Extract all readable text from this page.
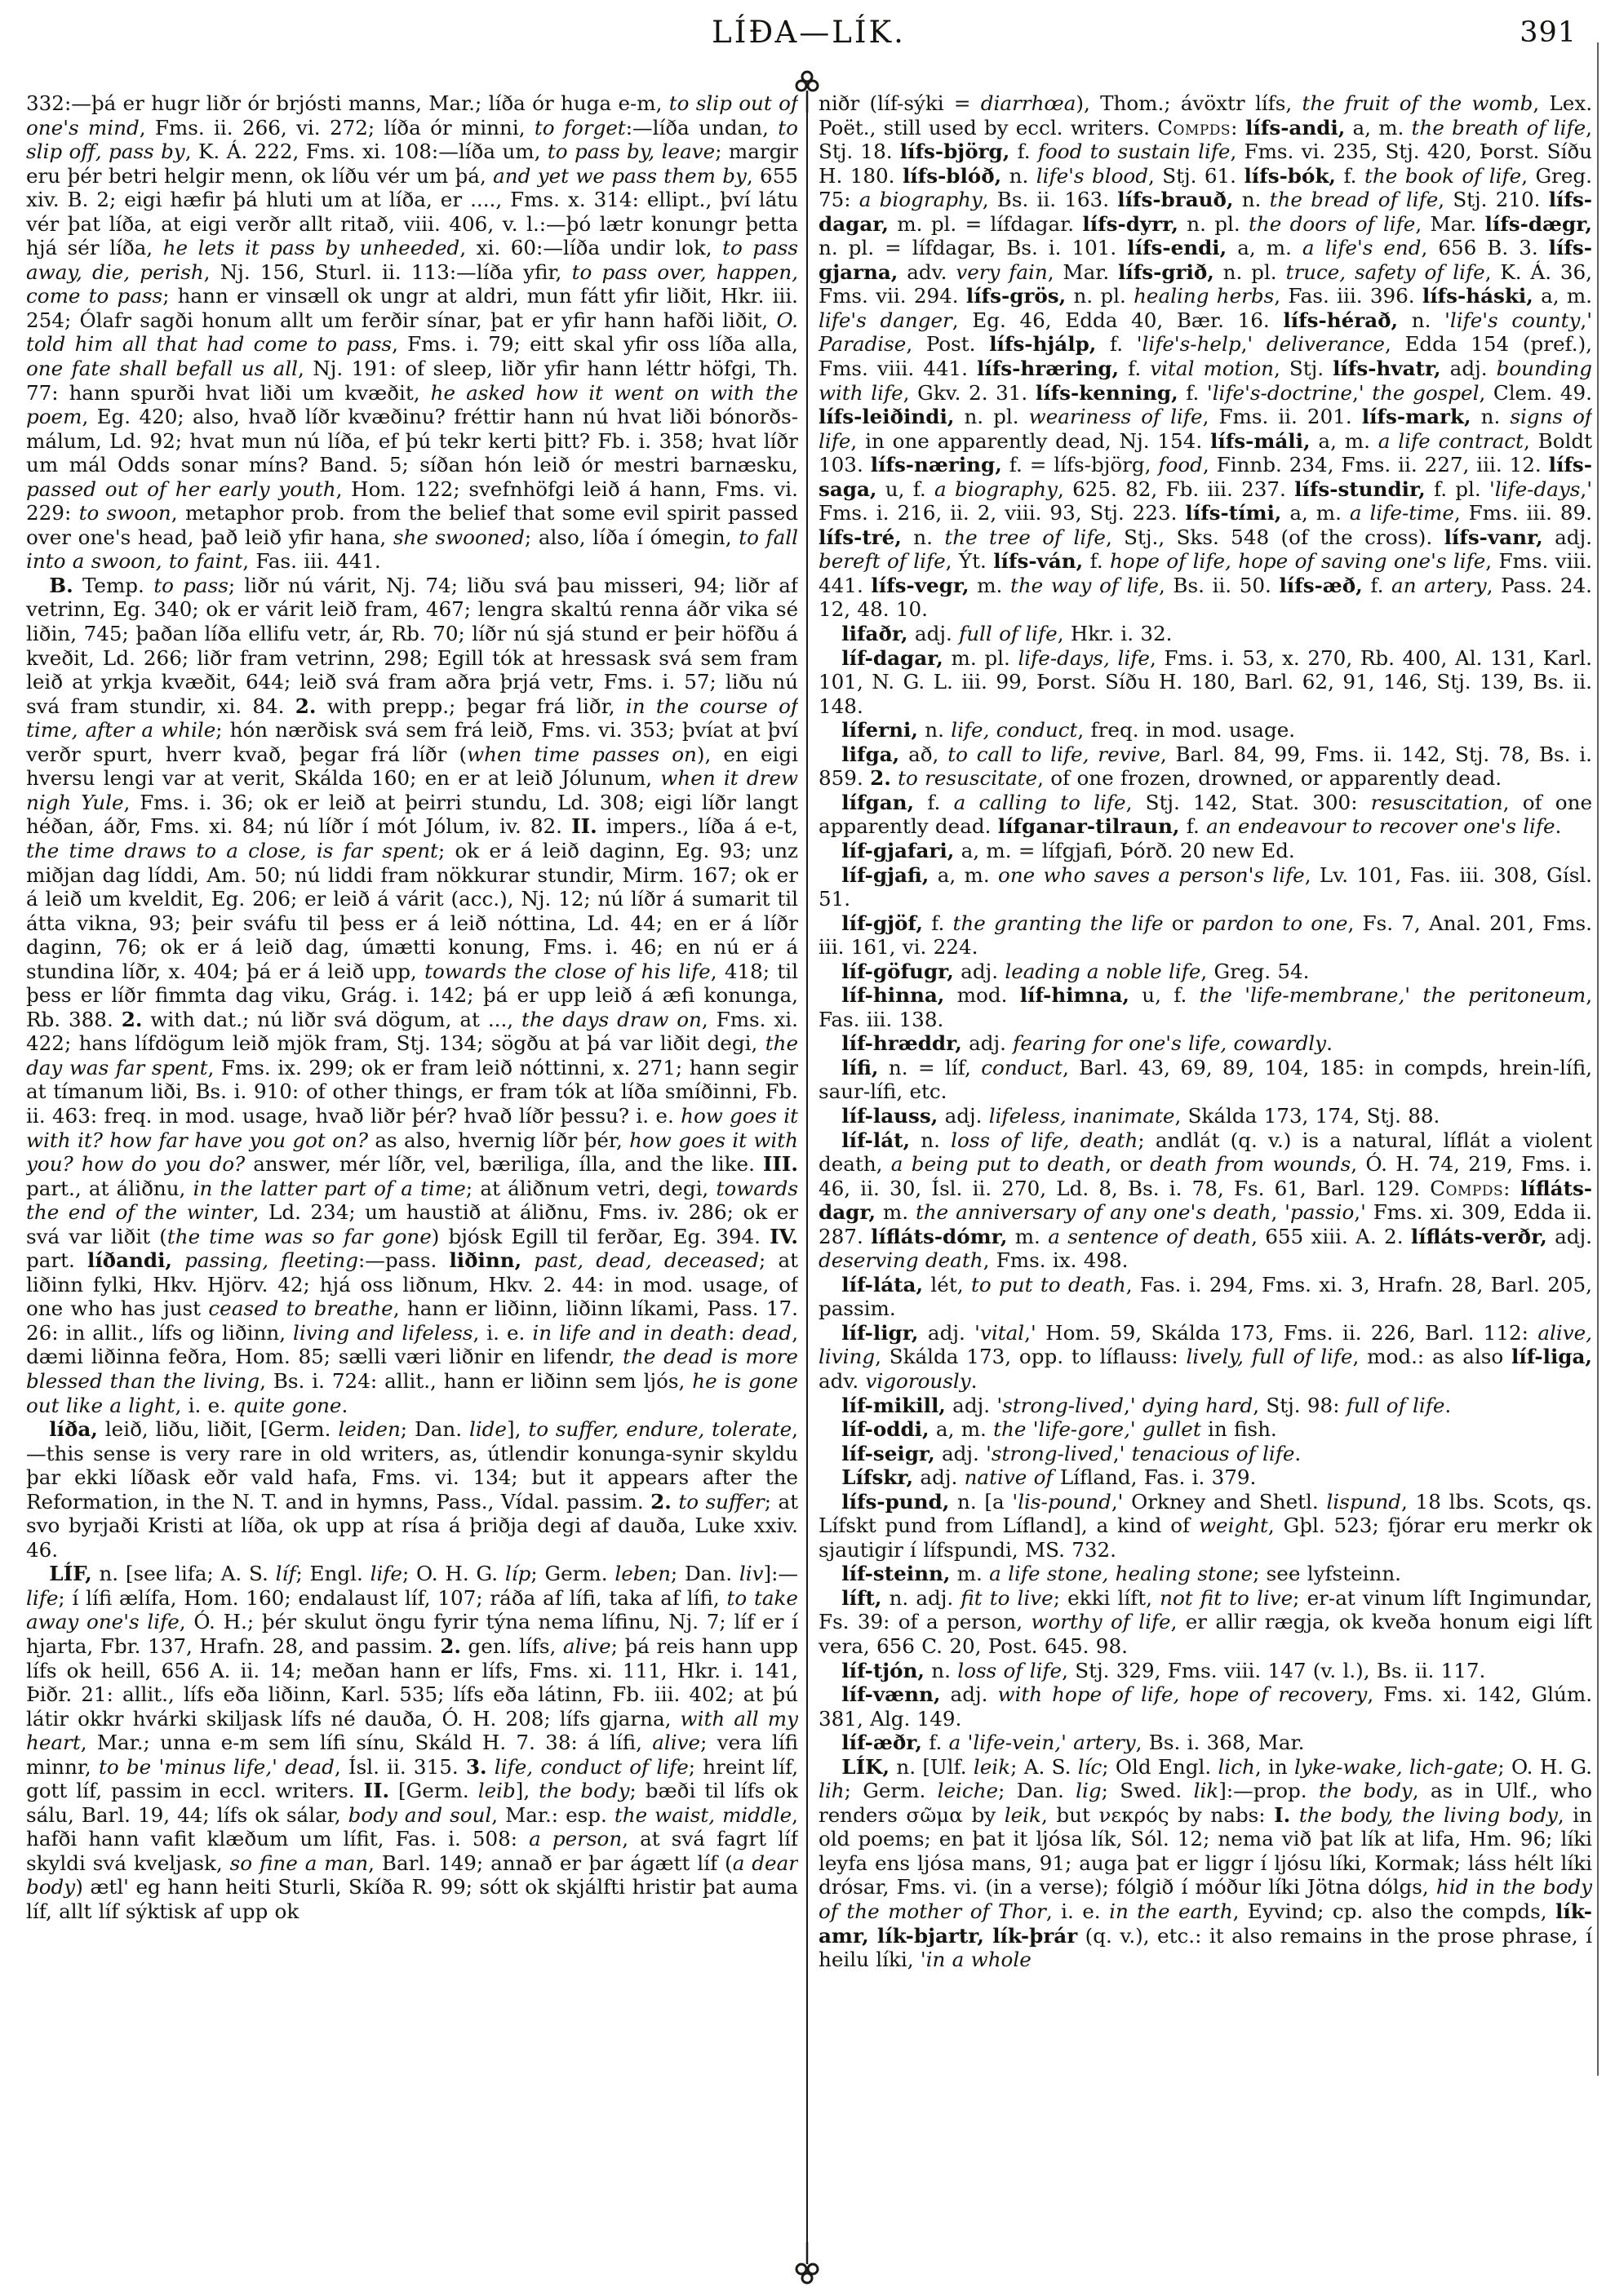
LÍÐA—LÍK.	391

332:—þá er hugr liðr ór brjósti manns, Mar.; líða ór huga e-m, to slip out of one's mind, Fms. ii. 266, vi. 272; líða ór minni, to forget:—líða undan, to slip off, pass by, K. Á. 222, Fms. xi. 108:—líða um, to pass by, leave; margir eru þér betri helgir menn, ok líðu vér um þá, and yet we pass them by, 655 xiv. B. 2; eigi hæfir þá hluti um at líða, er ...., Fms. x. 314: ellipt., því látu vér þat líða, at eigi verðr allt ritað, viii. 406, v. l.:—þó lætr konungr þetta hjá sér líða, he lets it pass by unheeded, xi. 60:—líða undir lok, to pass away, die, perish, Nj. 156, Sturl. ii. 113:—líða yfir, to pass over, happen, come to pass; hann er vinsæll ok ungr at aldri, mun fátt yfir liðit, Hkr. iii. 254; Ólafr sagði honum allt um ferðir sínar, þat er yfir hann hafði liðit, O. told him all that had come to pass, Fms. i. 79; eitt skal yfir oss líða alla, one fate shall befall us all, Nj. 191: of sleep, liðr yfir hann léttr höfgi, Th. 77: hann spurði hvat liði um kvæðit, he asked how it went on with the poem, Eg. 420; also, hvað líðr kvæðinu? fréttir hann nú hvat liði bónorðs-málum, Ld. 92; hvat mun nú líða, ef þú tekr kerti þitt? Fb. i. 358; hvat líðr um mál Odds sonar míns? Band. 5; síðan hón leið ór mestri barnæsku, passed out of her early youth, Hom. 122; svefnhöfgi leið á hann, Fms. vi. 229: to swoon, metaphor prob. from the belief that some evil spirit passed over one's head, það leið yfir hana, she swooned; also, líða í ómegin, to fall into a swoon, to faint, Fas. iii. 441.

B. Temp. to pass; liðr nú várit, Nj. 74; liðu svá þau misseri, 94; liðr af vetrinn, Eg. 340; ok er várit leið fram, 467; lengra skaltú renna áðr vika sé liðin, 745; þaðan líða ellifu vetr, ár, Rb. 70; líðr nú sjá stund er þeir höfðu á kveðit, Ld. 266; liðr fram vetrinn, 298; Egill tók at hressask svá sem fram leið at yrkja kvæðit, 644; leið svá fram aðra þrjá vetr, Fms. i. 57; liðu nú svá fram stundir, xi. 84. 2. with prepp.; þegar frá liðr, in the course of time, after a while; hón nærðisk svá sem frá leið, Fms. vi. 353; þvíat at því verðr spurt, hverr kvað, þegar frá líðr (when time passes on), en eigi hversu lengi var at verit, Skálda 160; en er at leið Jólunum, when it drew nigh Yule, Fms. i. 36; ok er leið at þeirri stundu, Ld. 308; eigi líðr langt héðan, áðr, Fms. xi. 84; nú líðr í mót Jólum, iv. 82. II. impers., líða á e-t, the time draws to a close, is far spent; ok er á leið daginn, Eg. 93; unz miðjan dag líddi, Am. 50; nú liddi fram nökkurar stundir, Mirm. 167; ok er á leið um kveldit, Eg. 206; er leið á várit (acc.), Nj. 12; nú líðr á sumarit til átta vikna, 93; þeir sváfu til þess er á leið nóttina, Ld. 44; en er á líðr daginn, 76; ok er á leið dag, úmætti konung, Fms. i. 46; en nú er á stundina líðr, x. 404; þá er á leið upp, towards the close of his life, 418; til þess er líðr fimmta dag viku, Grág. i. 142; þá er upp leið á æfi konunga, Rb. 388. 2. with dat.; nú liðr svá dögum, at ..., the days draw on, Fms. xi. 422; hans lífdögum leið mjök fram, Stj. 134; sögðu at þá var liðit degi, the day was far spent, Fms. ix. 299; ok er fram leið nóttinni, x. 271; hann segir at tímanum liði, Bs. i. 910: of other things, er fram tók at líða smíðinni, Fb. ii. 463: freq. in mod. usage, hvað liðr þér? hvað líðr þessu? i. e. how goes it with it? how far have you got on? as also, hvernig líðr þér, how goes it with you? how do you do? answer, mér líðr, vel, bæriliga, ílla, and the like. III. part., at áliðnu, in the latter part of a time; at áliðnum vetri, degi, towards the end of the winter, Ld. 234; um haustið at áliðnu, Fms. iv. 286; ok er svá var liðit (the time was so far gone) bjósk Egill til ferðar, Eg. 394. IV. part. líðandi, passing, fleeting:—pass. liðinn, past, dead, deceased; at liðinn fylki, Hkv. Hjörv. 42; hjá oss liðnum, Hkv. 2. 44: in mod. usage, of one who has just ceased to breathe, hann er liðinn, liðinn líkami, Pass. 17. 26: in allit., lífs og liðinn, living and lifeless, i. e. in life and in death: dead, dæmi liðinna feðra, Hom. 85; sælli væri liðnir en lifendr, the dead is more blessed than the living, Bs. i. 724: allit., hann er liðinn sem ljós, he is gone out like a light, i. e. quite gone.

líða, leið, liðu, liðit, [Germ. leiden; Dan. lide], to suffer, endure, tolerate,—this sense is very rare in old writers, as, útlendir konunga-synir skyldu þar ekki líðask eðr vald hafa, Fms. vi. 134; but it appears after the Reformation, in the N. T. and in hymns, Pass., Vídal. passim. 2. to suffer; at svo byrjaði Kristi at líða, ok upp at rísa á þriðja degi af dauða, Luke xxiv. 46.

LÍF, n. [see lifa; A. S. líf; Engl. life; O. H. G. líp; Germ. leben; Dan. liv]:—life; í lífi ælífa, Hom. 160; endalaust líf, 107; ráða af lífi, taka af lífi, to take away one's life, Ó. H.; þér skulut öngu fyrir týna nema lífinu, Nj. 7; líf er í hjarta, Fbr. 137, Hrafn. 28, and passim. 2. gen. lífs, alive; þá reis hann upp lífs ok heill, 656 A. ii. 14; meðan hann er lífs, Fms. xi. 111, Hkr. i. 141, Þiðr. 21: allit., lífs eða liðinn, Karl. 535; lífs eða látinn, Fb. iii. 402; at þú látir okkr hvárki skiljask lífs né dauða, Ó. H. 208; lífs gjarna, with all my heart, Mar.; unna e-m sem lífi sínu, Skáld H. 7. 38: á lífi, alive; vera lífi minnr, to be 'minus life,' dead, Ísl. ii. 315. 3. life, conduct of life; hreint líf, gott líf, passim in eccl. writers. II. [Germ. leib], the body; bæði til lífs ok sálu, Barl. 19, 44; lífs ok sálar, body and soul, Mar.: esp. the waist, middle, hafði hann vafit klæðum um lífit, Fas. i. 508: a person, at svá fagrt líf skyldi svá kveljask, so fine a man, Barl. 149; annað er þar ágætt líf (a dear body) ætl' eg hann heiti Sturli, Skíða R. 99; sótt ok skjálfti hristir þat auma líf, allt líf sýktisk af upp ok

niðr (líf-sýki = diarrhœa), Thom.; ávöxtr lífs, the fruit of the womb, Lex. Poët., still used by eccl. writers. Compds: lífs-andi, a, m. the breath of life, Stj. 18. lífs-björg, f. food to sustain life, Fms. vi. 235, Stj. 420, Þorst. Síðu H. 180. lífs-blóð, n. life's blood, Stj. 61. lífs-bók, f. the book of life, Greg. 75: a biography, Bs. ii. 163. lífs-brauð, n. the bread of life, Stj. 210. lífs-dagar, m. pl. = lífdagar. lífs-dyrr, n. pl. the doors of life, Mar. lífs-dægr, n. pl. = lífdagar, Bs. i. 101. lífs-endi, a, m. a life's end, 656 B. 3. lífs-gjarna, adv. very fain, Mar. lífs-grið, n. pl. truce, safety of life, K. Á. 36, Fms. vii. 294. lífs-grös, n. pl. healing herbs, Fas. iii. 396. lífs-háski, a, m. life's danger, Eg. 46, Edda 40, Bær. 16. lífs-hérað, n. 'life's county,' Paradise, Post. lífs-hjálp, f. 'life's-help,' deliverance, Edda 154 (pref.), Fms. viii. 441. lífs-hræring, f. vital motion, Stj. lífs-hvatr, adj. bounding with life, Gkv. 2. 31. lífs-kenning, f. 'life's-doctrine,' the gospel, Clem. 49. lífs-leiðindi, n. pl. weariness of life, Fms. ii. 201. lífs-mark, n. signs of life, in one apparently dead, Nj. 154. lífs-máli, a, m. a life contract, Boldt 103. lífs-næring, f. = lífs-björg, food, Finnb. 234, Fms. ii. 227, iii. 12. lífs-saga, u, f. a biography, 625. 82, Fb. iii. 237. lífs-stundir, f. pl. 'life-days,' Fms. i. 216, ii. 2, viii. 93, Stj. 223. lífs-tími, a, m. a life-time, Fms. iii. 89. lífs-tré, n. the tree of life, Stj., Sks. 548 (of the cross). lífs-vanr, adj. bereft of life, Ýt. lífs-ván, f. hope of life, hope of saving one's life, Fms. viii. 441. lífs-vegr, m. the way of life, Bs. ii. 50. lífs-æð, f. an artery, Pass. 24. 12, 48. 10.

lifaðr, adj. full of life, Hkr. i. 32.

líf-dagar, m. pl. life-days, life, Fms. i. 53, x. 270, Rb. 400, Al. 131, Karl. 101, N. G. L. iii. 99, Þorst. Síðu H. 180, Barl. 62, 91, 146, Stj. 139, Bs. ii. 148.

líferni, n. life, conduct, freq. in mod. usage.

lifga, að, to call to life, revive, Barl. 84, 99, Fms. ii. 142, Stj. 78, Bs. i. 859. 2. to resuscitate, of one frozen, drowned, or apparently dead.

lífgan, f. a calling to life, Stj. 142, Stat. 300: resuscitation, of one apparently dead. lífganar-tilraun, f. an endeavour to recover one's life.

líf-gjafari, a, m. = lífgjafi, Þórð. 20 new Ed.

líf-gjafi, a, m. one who saves a person's life, Lv. 101, Fas. iii. 308, Gísl. 51.

líf-gjöf, f. the granting the life or pardon to one, Fs. 7, Anal. 201, Fms. iii. 161, vi. 224.

líf-göfugr, adj. leading a noble life, Greg. 54.

líf-hinna, mod. líf-himna, u, f. the 'life-membrane,' the peritoneum, Fas. iii. 138.

líf-hræddr, adj. fearing for one's life, cowardly.

lífi, n. = líf, conduct, Barl. 43, 69, 89, 104, 185: in compds, hrein-lífi, saur-lífi, etc.

líf-lauss, adj. lifeless, inanimate, Skálda 173, 174, Stj. 88.

líf-lát, n. loss of life, death; andlát (q. v.) is a natural, líflát a violent death, a being put to death, or death from wounds, Ó. H. 74, 219, Fms. i. 46, ii. 30, Ísl. ii. 270, Ld. 8, Bs. i. 78, Fs. 61, Barl. 129. Compds: lífláts-dagr, m. the anniversary of any one's death, 'passio,' Fms. xi. 309, Edda ii. 287. lífláts-dómr, m. a sentence of death, 655 xiii. A. 2. lífláts-verðr, adj. deserving death, Fms. ix. 498.

líf-láta, lét, to put to death, Fas. i. 294, Fms. xi. 3, Hrafn. 28, Barl. 205, passim.

líf-ligr, adj. 'vital,' Hom. 59, Skálda 173, Fms. ii. 226, Barl. 112: alive, living, Skálda 173, opp. to líflauss: lively, full of life, mod.: as also líf-liga, adv. vigorously.

líf-mikill, adj. 'strong-lived,' dying hard, Stj. 98: full of life.

líf-oddi, a, m. the 'life-gore,' gullet in fish.

líf-seigr, adj. 'strong-lived,' tenacious of life.

Lífskr, adj. native of Lífland, Fas. i. 379.

lífs-pund, n. [a 'lis-pound,' Orkney and Shetl. lispund, 18 lbs. Scots, qs. Lífskt pund from Lífland], a kind of weight, Gþl. 523; fjórar eru merkr ok sjautigir í lífspundi, MS. 732.

líf-steinn, m. a life stone, healing stone; see lyfsteinn.

líft, n. adj. fit to live; ekki líft, not fit to live; er-at vinum líft Ingimundar, Fs. 39: of a person, worthy of life, er allir rægja, ok kveða honum eigi líft vera, 656 C. 20, Post. 645. 98.

líf-tjón, n. loss of life, Stj. 329, Fms. viii. 147 (v. l.), Bs. ii. 117.

líf-vænn, adj. with hope of life, hope of recovery, Fms. xi. 142, Glúm. 381, Alg. 149.

líf-æðr, f. a 'life-vein,' artery, Bs. i. 368, Mar.

LÍK, n. [Ulf. leik; A. S. líc; Old Engl. lich, in lyke-wake, lich-gate; O. H. G. lih; Germ. leiche; Dan. lig; Swed. lik]:—prop. the body, as in Ulf., who renders σῶμα by leik, but νεκρός by nabs: I. the body, the living body, in old poems; en þat it ljósa lík, Sól. 12; nema við þat lík at lifa, Hm. 96; líki leyfa ens ljósa mans, 91; auga þat er liggr í ljósu líki, Kormak; láss hélt líki drósar, Fms. vi. (in a verse); fólgið í móður líki Jötna dólgs, hid in the body of the mother of Thor, i. e. in the earth, Eyvind; cp. also the compds, lík-amr, lík-bjartr, lík-þrár (q. v.), etc.: it also remains in the prose phrase, í heilu líki, 'in a whole
